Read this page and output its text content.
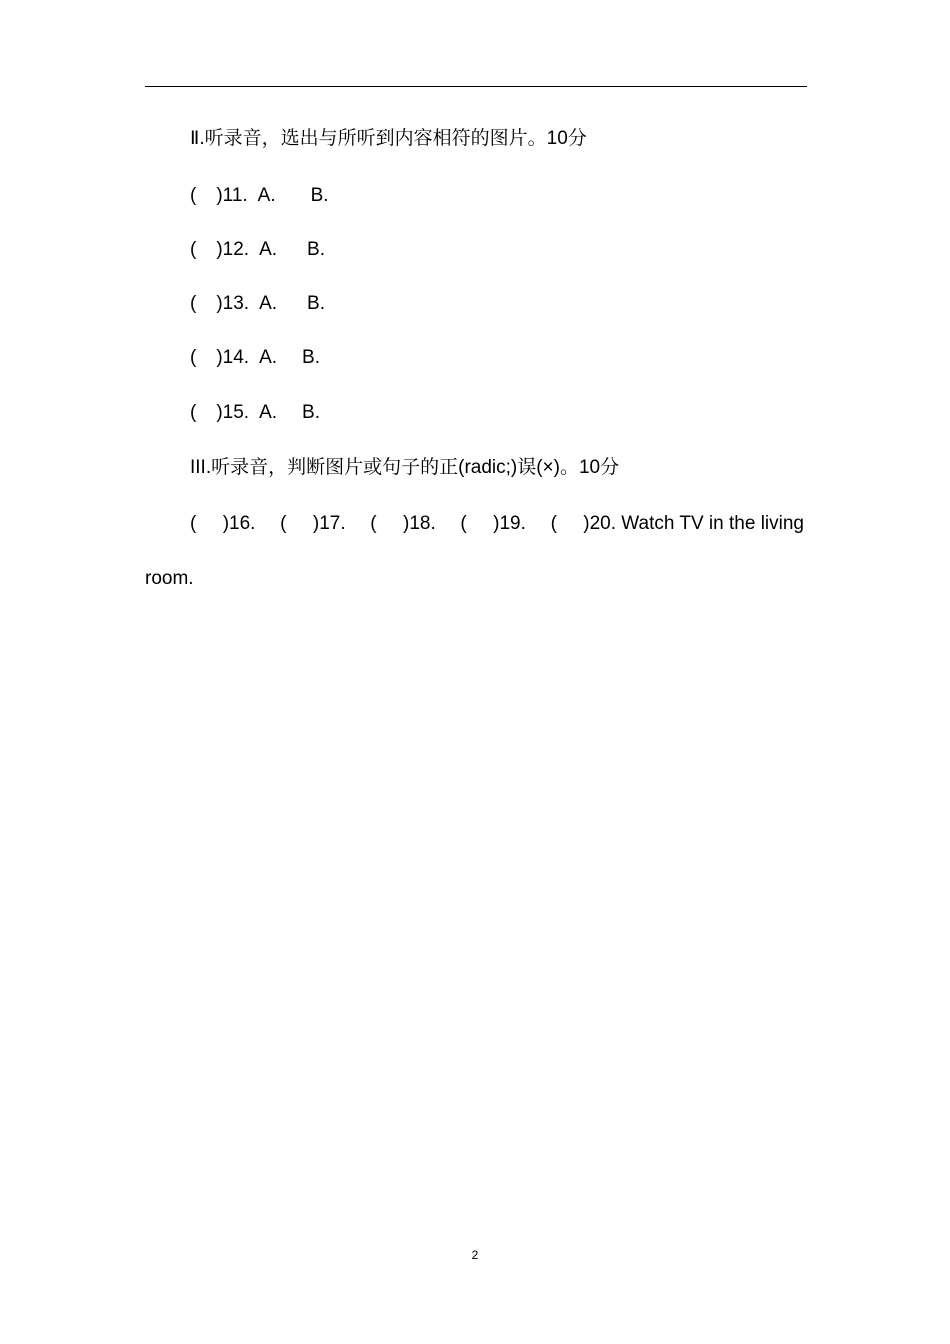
Ⅱ.听录音，选出与所听到内容相符的图片。10分
( )11. A. B.
( )12. A. B.
( )13. A. B.
( )14. A. B.
( )15. A. B.
III.听录音，判断图片或句子的正(radic;)误(×)。10分
(     )16. (     )17. (     )18. (     )19. (     )20. Watch TV in the living
room.
2
